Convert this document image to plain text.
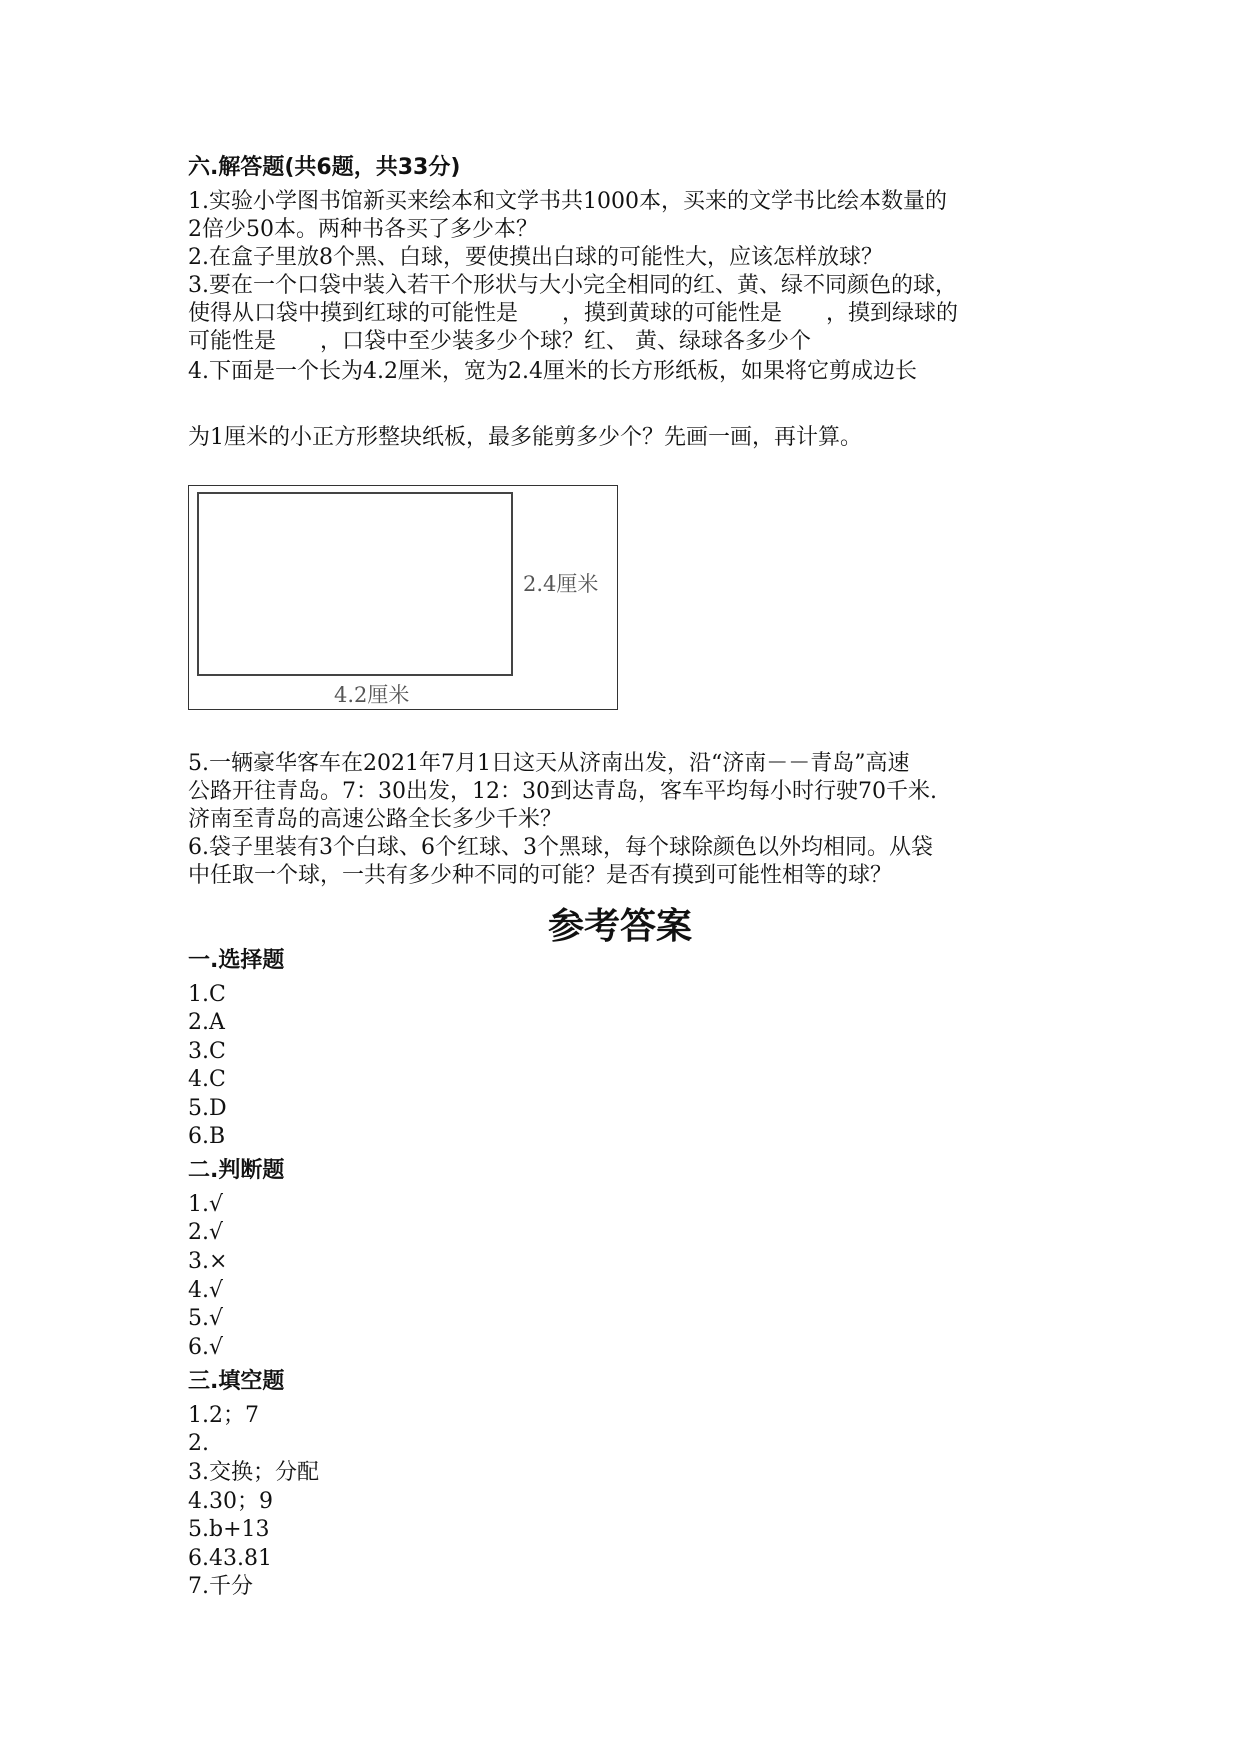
六.解答题(共6题，共33分)
1.实验小学图书馆新买来绘本和文学书共1000本，买来的文学书比绘本数量的
2倍少50本。两种书各买了多少本？
2.在盒子里放8个黑、白球，要使摸出白球的可能性大，应该怎样放球？
3.要在一个口袋中装入若干个形状与大小完全相同的红、黄、绿不同颜色的球，
使得从口袋中摸到红球的可能性是　　，摸到黄球的可能性是　　，摸到绿球的
可能性是　　，口袋中至少装多少个球？红、 黄、绿球各多少个
4.下面是一个长为4.2厘米，宽为2.4厘米的长方形纸板，如果将它剪成边长
为1厘米的小正方形整块纸板，最多能剪多少个？先画一画，再计算。
2.4厘米
4.2厘米
5.一辆豪华客车在2021年7月1日这天从济南出发，沿“济南－－青岛”高速
公路开往青岛。7：30出发，12：30到达青岛，客车平均每小时行驶70千米.
济南至青岛的高速公路全长多少千米？
6.袋子里装有3个白球、6个红球、3个黑球，每个球除颜色以外均相同。从袋
中任取一个球，一共有多少种不同的可能？是否有摸到可能性相等的球？
参考答案
一.选择题
1.C
2.A
3.C
4.C
5.D
6.B
二.判断题
1.√
2.√
3.×
4.√
5.√
6.√
三.填空题
1.2；7
2.
3.交换；分配
4.30；9
5.b+13
6.43.81
7.千分
